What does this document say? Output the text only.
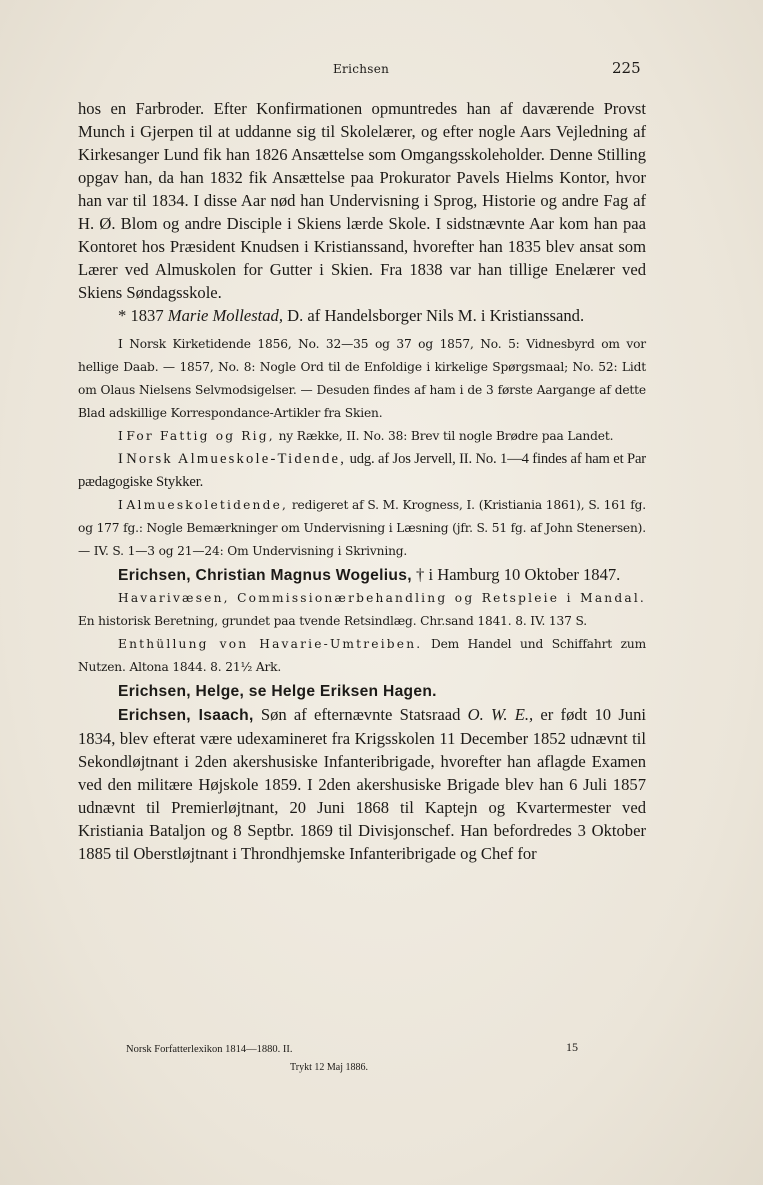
Erichsen	225

hos en Farbroder. Efter Konfirmationen opmuntredes han af daværende Provst Munch i Gjerpen til at uddanne sig til Skolelærer, og efter nogle Aars Vejledning af Kirkesanger Lund fik han 1826 Ansættelse som Omgangsskoleholder. Denne Stilling opgav han, da han 1832 fik Ansættelse paa Prokurator Pavels Hielms Kontor, hvor han var til 1834. I disse Aar nød han Undervisning i Sprog, Historie og andre Fag af H. Ø. Blom og andre Disciple i Skiens lærde Skole. I sidstnævnte Aar kom han paa Kontoret hos Præsident Knudsen i Kristianssand, hvorefter han 1835 blev ansat som Lærer ved Almuskolen for Gutter i Skien. Fra 1838 var han tillige Enelærer ved Skiens Søndagsskole.

* 1837 Marie Mollestad, D. af Handelsborger Nils M. i Kristianssand.

I Norsk Kirketidende 1856, No. 32—35 og 37 og 1857, No. 5: Vidnesbyrd om vor hellige Daab. — 1857, No. 8: Nogle Ord til de Enfoldige i kirkelige Spørgsmaal; No. 52: Lidt om Olaus Nielsens Selvmodsigelser. — Desuden findes af ham i de 3 første Aargange af dette Blad adskillige Korrespondance-Artikler fra Skien.

I For Fattig og Rig, ny Række, II. No. 38: Brev til nogle Brødre paa Landet.

I Norsk Almueskole-Tidende, udg. af Jos Jervell, II. No. 1—4 findes af ham et Par pædagogiske Stykker.

I Almueskoletidende, redigeret af S. M. Krogness, I. (Kristiania 1861), S. 161 fg. og 177 fg.: Nogle Bemærkninger om Undervisning i Læsning (jfr. S. 51 fg. af John Stenersen). — IV. S. 1—3 og 21—24: Om Undervisning i Skrivning.

Erichsen, Christian Magnus Wogelius, † i Hamburg 10 Oktober 1847.

Havarivæsen, Commissionærbehandling og Retspleie i Mandal. En historisk Beretning, grundet paa tvende Retsindlæg. Chr.sand 1841. 8. IV. 137 S.

Enthüllung von Havarie-Umtreiben. Dem Handel und Schiffahrt zum Nutzen. Altona 1844. 8. 21½ Ark.

Erichsen, Helge, se Helge Eriksen Hagen.

Erichsen, Isaach, Søn af efternævnte Statsraad O. W. E., er født 10 Juni 1834, blev efterat være udexamineret fra Krigsskolen 11 December 1852 udnævnt til Sekondløjtnant i 2den akershusiske Infanteribrigade, hvorefter han aflagde Examen ved den militære Højskole 1859. I 2den akershusiske Brigade blev han 6 Juli 1857 udnævnt til Premierløjtnant, 20 Juni 1868 til Kaptejn og Kvartermester ved Kristiania Bataljon og 8 Septbr. 1869 til Divisjonschef. Han befordredes 3 Oktober 1885 til Oberstløjtnant i Throndhjemske Infanteribrigade og Chef for

Norsk Forfatterlexikon 1814—1880. II.	15
Trykt 12 Maj 1886.
